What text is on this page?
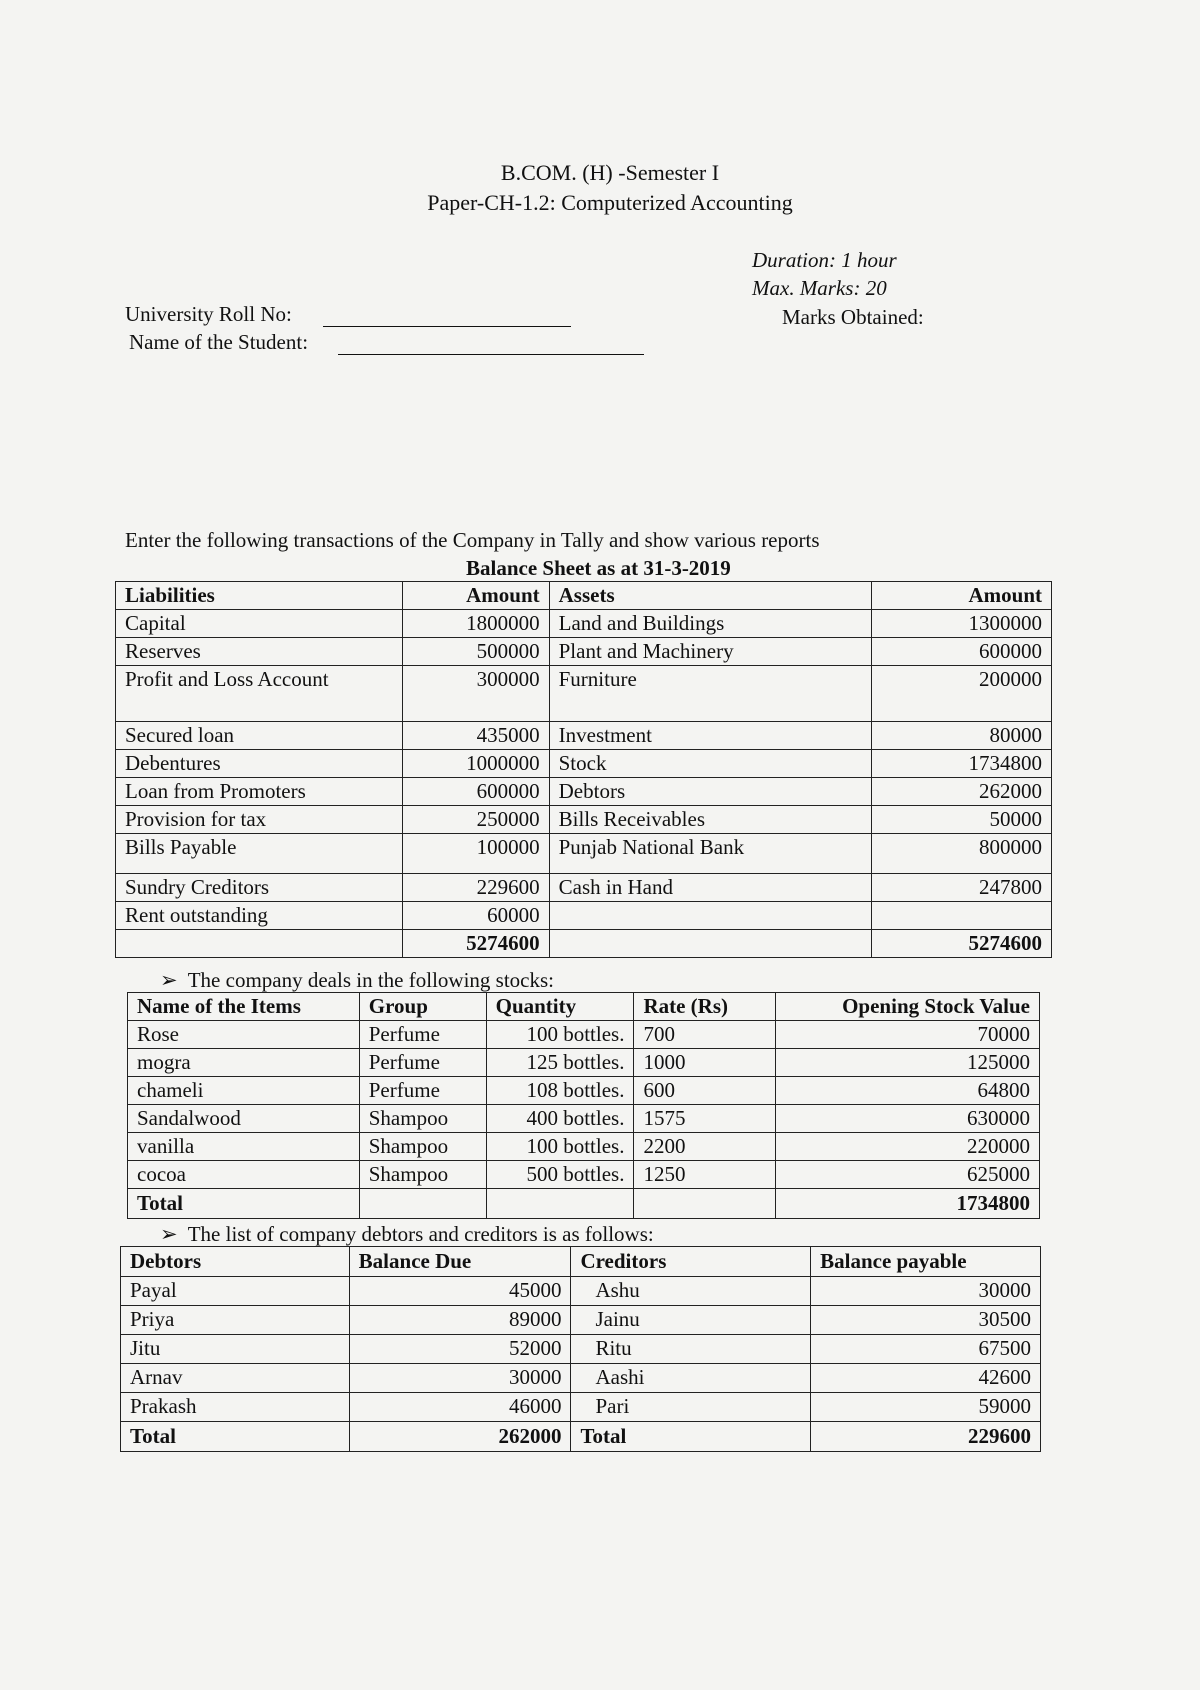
B.COM. (H) -Semester I
Paper-CH-1.2: Computerized Accounting
Duration: 1 hour
Max. Marks: 20
Marks Obtained:
University Roll No:
Name of the Student:
Enter the following transactions of the Company in Tally and show various reports
Balance Sheet as at 31-3-2019
Liabilities	Amount	Assets	Amount
Capital	1800000	Land and Buildings	1300000
Reserves	500000	Plant and Machinery	600000
Profit and Loss Account	300000	Furniture	200000
Secured loan	435000	Investment	80000
Debentures	1000000	Stock	1734800
Loan from Promoters	600000	Debtors	262000
Provision for tax	250000	Bills Receivables	50000
Bills Payable	100000	Punjab National Bank	800000
Sundry Creditors	229600	Cash in Hand	247800
Rent outstanding	60000		
	5274600		5274600
➢ The company deals in the following stocks:
Name of the Items	Group	Quantity	Rate (Rs)	Opening Stock Value
Rose	Perfume	100 bottles.	700	70000
mogra	Perfume	125 bottles.	1000	125000
chameli	Perfume	108 bottles.	600	64800
Sandalwood	Shampoo	400 bottles.	1575	630000
vanilla	Shampoo	100 bottles.	2200	220000
cocoa	Shampoo	500 bottles.	1250	625000
Total				1734800
➢ The list of company debtors and creditors is as follows:
Debtors	Balance Due	Creditors	Balance payable
Payal	45000	Ashu	30000
Priya	89000	Jainu	30500
Jitu	52000	Ritu	67500
Arnav	30000	Aashi	42600
Prakash	46000	Pari	59000
Total	262000	Total	229600
